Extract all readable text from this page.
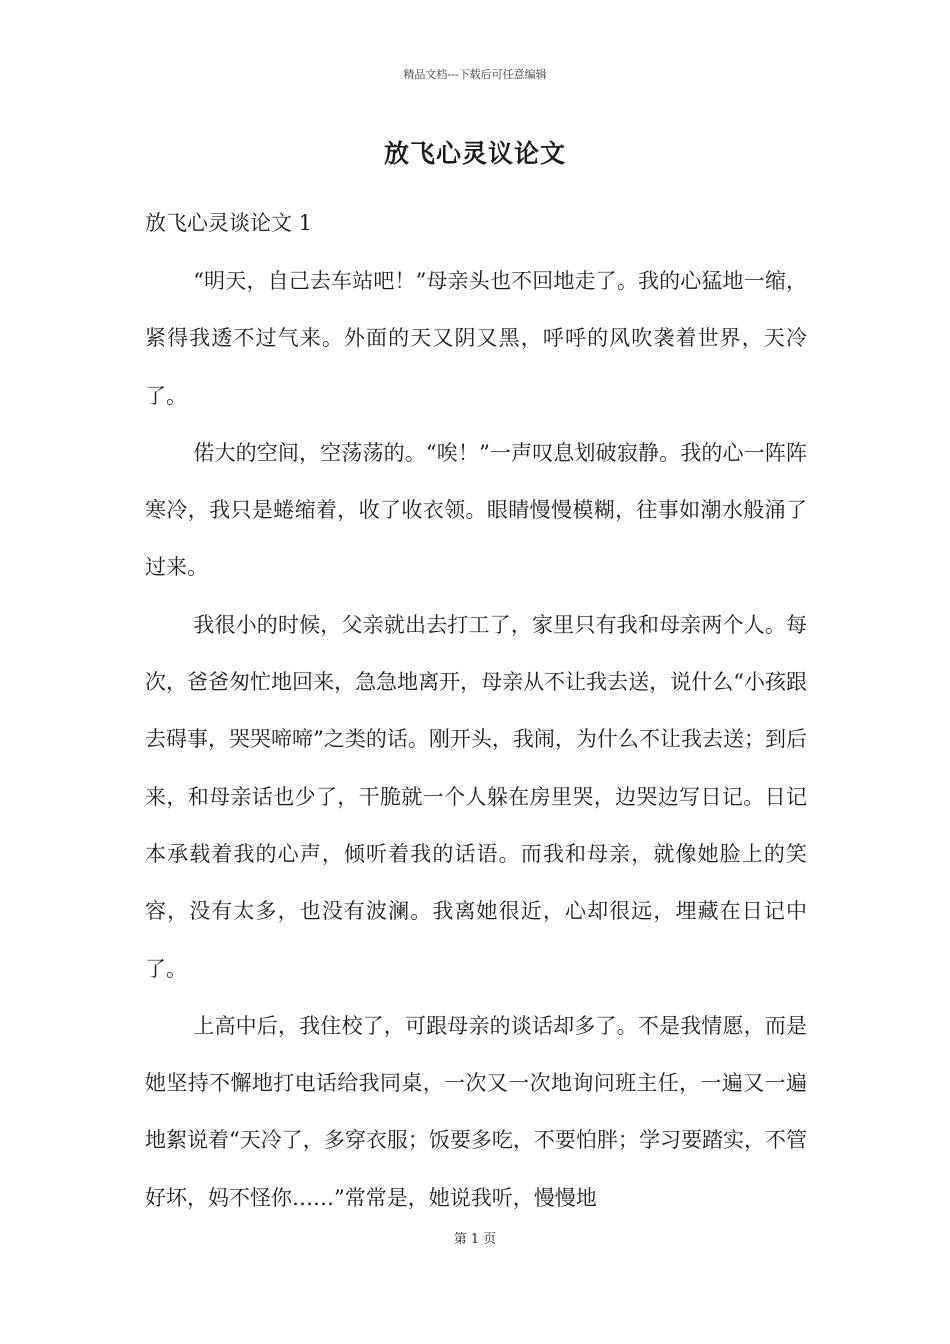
精品文档---下载后可任意编辑
放飞心灵议论文
放飞心灵谈论文 1

“明天，自己去车站吧！”母亲头也不回地走了。我的心猛地一缩，紧得我透不过气来。外面的天又阴又黑，呼呼的风吹袭着世界，天冷了。

偌大的空间，空荡荡的。“唉！”一声叹息划破寂静。我的心一阵阵寒冷，我只是蜷缩着，收了收衣领。眼睛慢慢模糊，往事如潮水般涌了过来。

我很小的时候，父亲就出去打工了，家里只有我和母亲两个人。每次，爸爸匆忙地回来，急急地离开，母亲从不让我去送，说什么“小孩跟去碍事，哭哭啼啼”之类的话。刚开头，我闹，为什么不让我去送；到后来，和母亲话也少了，干脆就一个人躲在房里哭，边哭边写日记。日记本承载着我的心声，倾听着我的话语。而我和母亲，就像她脸上的笑容，没有太多，也没有波澜。我离她很近，心却很远，埋藏在日记中了。

上高中后，我住校了，可跟母亲的谈话却多了。不是我情愿，而是她坚持不懈地打电话给我同桌，一次又一次地询问班主任，一遍又一遍地絮说着“天冷了，多穿衣服；饭要多吃，不要怕胖；学习要踏实，不管好坏，妈不怪你……”常常是，她说我听，慢慢地

第 1 页
